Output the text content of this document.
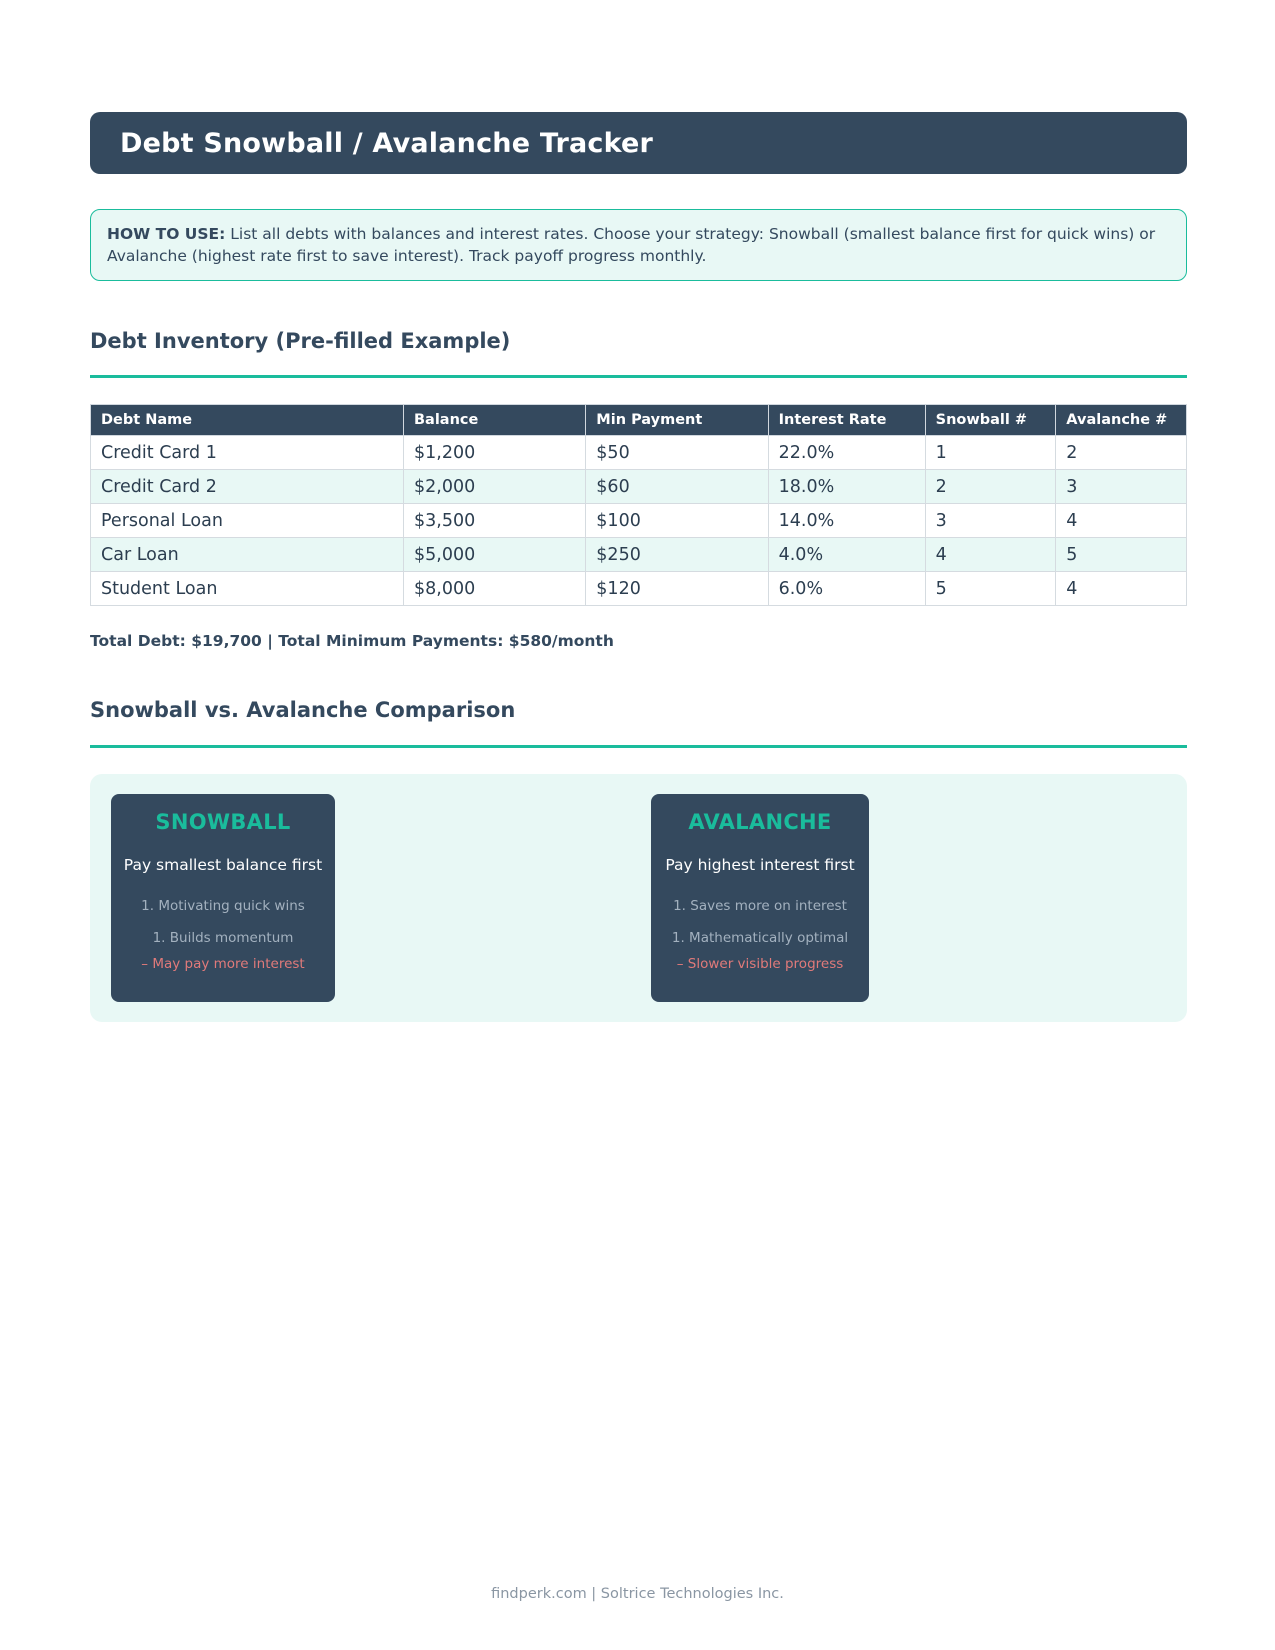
Debt Snowball / Avalanche Tracker
HOW TO USE: List all debts with balances and interest rates. Choose your strategy: Snowball (smallest balance first for quick wins) or Avalanche (highest rate first to save interest). Track payoff progress monthly.
Debt Inventory (Pre-filled Example)
Debt Name	Balance	Min Payment	Interest Rate	Snowball #	Avalanche #
Credit Card 1	$1,200	$50	22.0%	1	2
Credit Card 2	$2,000	$60	18.0%	2	3
Personal Loan	$3,500	$100	14.0%	3	4
Car Loan	$5,000	$250	4.0%	4	5
Student Loan	$8,000	$120	6.0%	5	4
Total Debt: $19,700 | Total Minimum Payments: $580/month
Snowball vs. Avalanche Comparison
SNOWBALL
Pay smallest balance first
1. Motivating quick wins
1. Builds momentum
– May pay more interest
AVALANCHE
Pay highest interest first
1. Saves more on interest
1. Mathematically optimal
– Slower visible progress
findperk.com | Soltrice Technologies Inc.
